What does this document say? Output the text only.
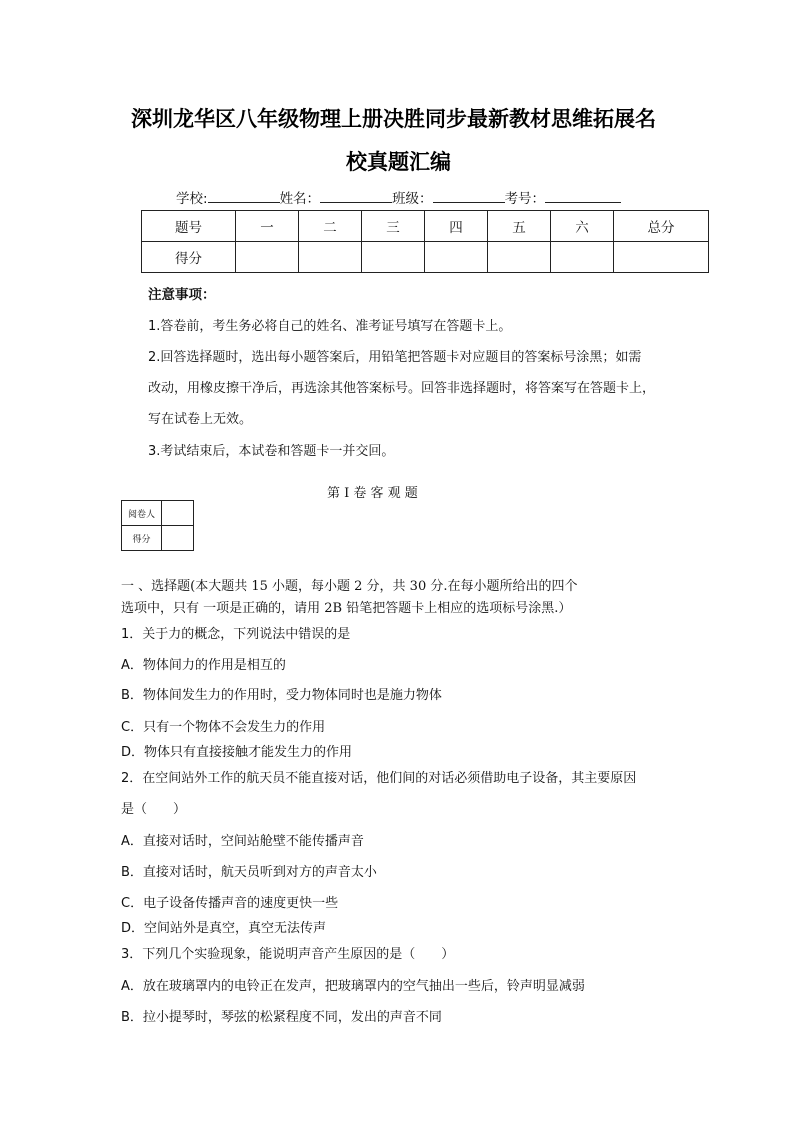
深圳龙华区八年级物理上册决胜同步最新教材思维拓展名
校真题汇编
学校:	姓名：	班级：	考号：
题号	一	二	三	四	五	六	总分
得分							
注意事项：
1.答卷前，考生务必将自己的姓名、准考证号填写在答题卡上。
2.回答选择题时，选出每小题答案后，用铅笔把答题卡对应题目的答案标号涂黑；如需
改动，用橡皮擦干净后，再选涂其他答案标号。回答非选择题时，将答案写在答题卡上，
写在试卷上无效。
3.考试结束后，本试卷和答题卡一并交回。
第 I 卷 客 观 题
阅卷人	
得分	
一 、选择题(本大题共 15 小题，每小题 2 分，共 30 分.在每小题所给出的四个
选项中，只有 一项是正确的，请用 2B 铅笔把答题卡上相应的选项标号涂黑.）
1．关于力的概念，下列说法中错误的是
A．物体间力的作用是相互的
B．物体间发生力的作用时，受力物体同时也是施力物体
C．只有一个物体不会发生力的作用
D．物体只有直接接触才能发生力的作用
2．在空间站外工作的航天员不能直接对话，他们间的对话必须借助电子设备，其主要原因
是（　　）
A．直接对话时，空间站舱壁不能传播声音
B．直接对话时，航天员听到对方的声音太小
C．电子设备传播声音的速度更快一些
D．空间站外是真空，真空无法传声
3．下列几个实验现象，能说明声音产生原因的是（　　）
A．放在玻璃罩内的电铃正在发声，把玻璃罩内的空气抽出一些后，铃声明显减弱
B．拉小提琴时，琴弦的松紧程度不同，发出的声音不同
